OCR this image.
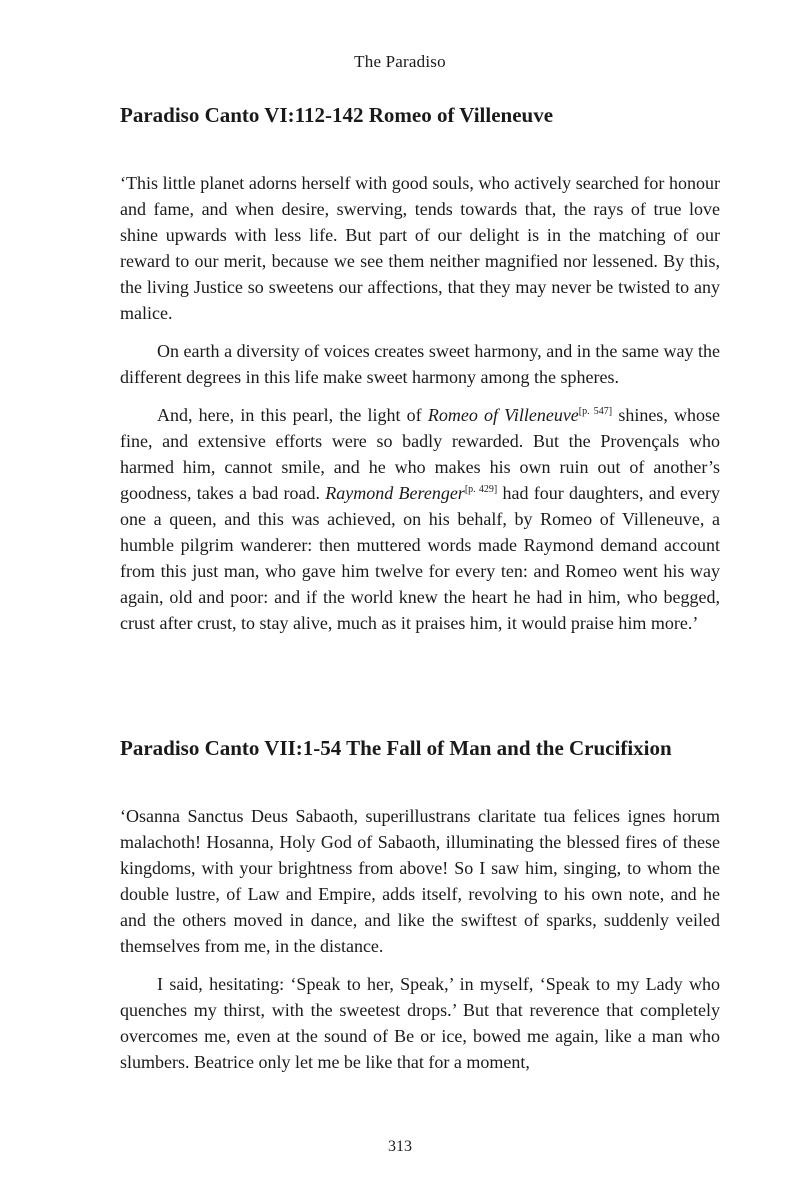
The Paradiso
Paradiso Canto VI:112-142 Romeo of Villeneuve

‘This little planet adorns herself with good souls, who actively searched for honour and fame, and when desire, swerving, tends towards that, the rays of true love shine upwards with less life. But part of our delight is in the matching of our reward to our merit, because we see them neither magnified nor lessened. By this, the living Justice so sweetens our affections, that they may never be twisted to any malice.

On earth a diversity of voices creates sweet harmony, and in the same way the different degrees in this life make sweet harmony among the spheres.

And, here, in this pearl, the light of Romeo of Villeneuve[p. 547] shines, whose fine, and extensive efforts were so badly rewarded. But the Provençals who harmed him, cannot smile, and he who makes his own ruin out of another’s goodness, takes a bad road. Raymond Berenger[p. 429] had four daughters, and every one a queen, and this was achieved, on his behalf, by Romeo of Villeneuve, a humble pilgrim wanderer: then muttered words made Raymond demand account from this just man, who gave him twelve for every ten: and Romeo went his way again, old and poor: and if the world knew the heart he had in him, who begged, crust after crust, to stay alive, much as it praises him, it would praise him more.’

Paradiso Canto VII:1-54 The Fall of Man and the Crucifixion

‘Osanna Sanctus Deus Sabaoth, superillustrans claritate tua felices ignes horum malachoth! Hosanna, Holy God of Sabaoth, illuminating the blessed fires of these kingdoms, with your brightness from above! So I saw him, singing, to whom the double lustre, of Law and Empire, adds itself, revolving to his own note, and he and the others moved in dance, and like the swiftest of sparks, suddenly veiled themselves from me, in the distance.

I said, hesitating: ‘Speak to her, Speak,’ in myself, ‘Speak to my Lady who quenches my thirst, with the sweetest drops.’ But that reverence that completely overcomes me, even at the sound of Be or ice, bowed me again, like a man who slumbers. Beatrice only let me be like that for a moment,

313
